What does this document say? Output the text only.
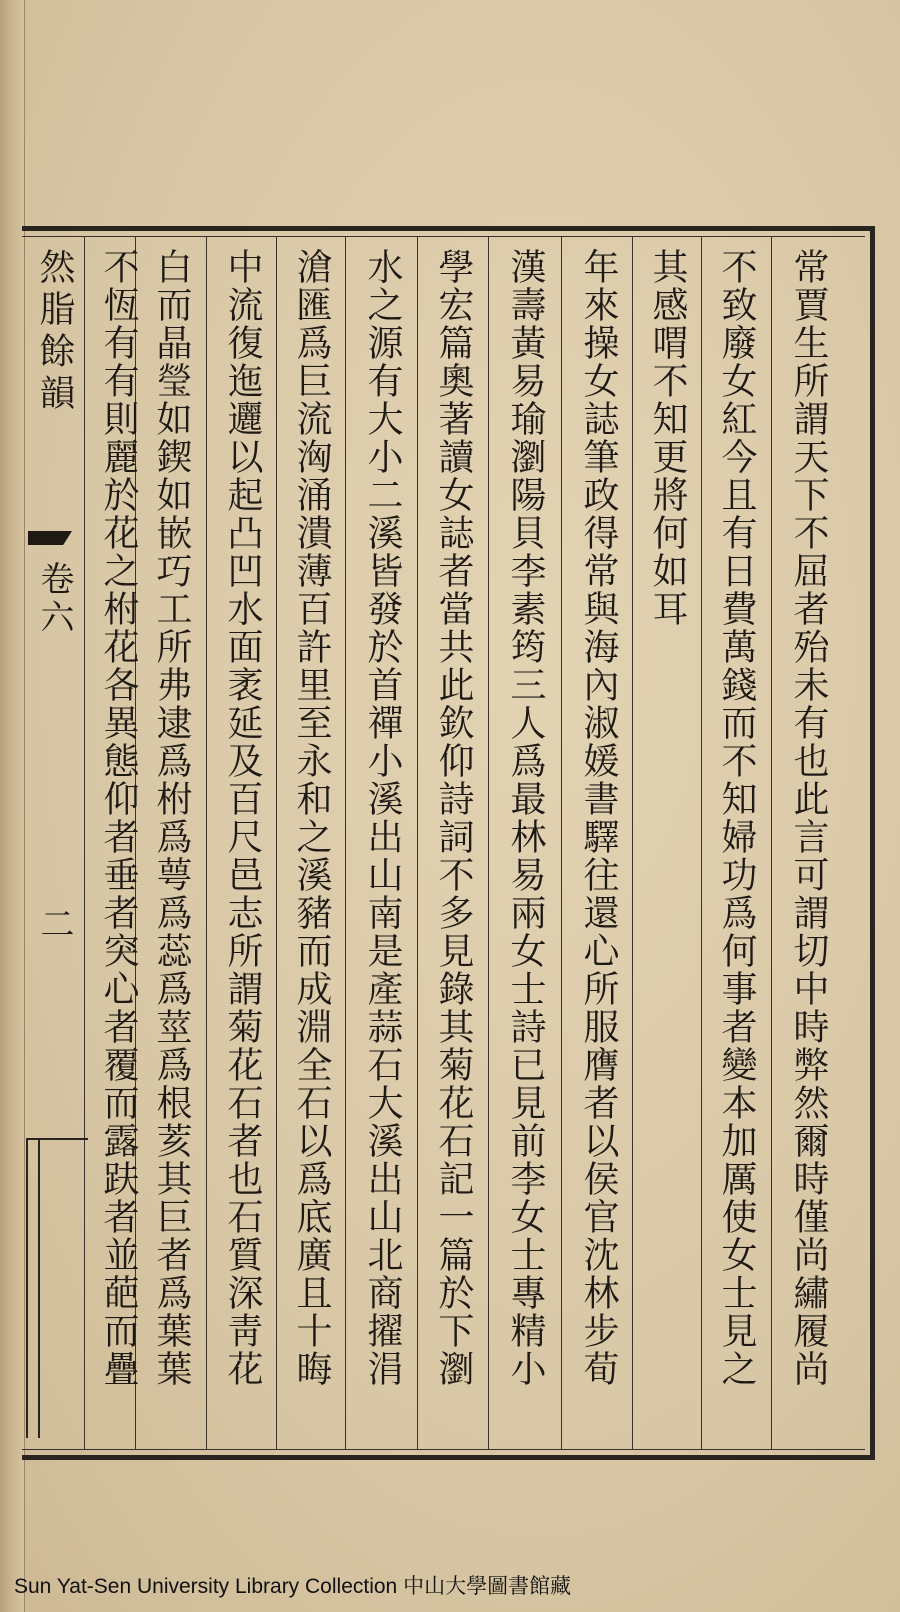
然脂餘韻
卷六
二	常賈生所謂天下不屈者殆未有也此言可謂切中時弊然爾時僅尚繡履尚
不致廢女紅今且有日費萬錢而不知婦功爲何事者變本加厲使女士見之
其感喟不知更將何如耳
年來操女誌筆政得常與海內淑媛書驛往還心所服膺者以侯官沈林步荀
漢壽黃易瑜瀏陽貝李素筠三人爲最林易兩女士詩已見前李女士專精小
學宏篇奧著讀女誌者當共此欽仰詩詞不多見錄其菊花石記一篇於下瀏
水之源有大小二溪皆發於首禪小溪出山南是產蒜石大溪出山北商擢涓
滄匯爲巨流洶涌潰薄百許里至永和之溪豬而成淵全石以爲底廣且十晦
中流復迤邐以起凸凹水面袤延及百尺邑志所謂菊花石者也石質深靑花
白而晶瑩如鍥如嵌巧工所弗逮爲柎爲萼爲蕊爲莖爲根荄其巨者爲葉葉
不恆有有則麗於花之柎花各異態仰者垂者突心者覆而露趺者並葩而疊
Sun Yat-Sen University Library Collection 中山大學圖書館藏
